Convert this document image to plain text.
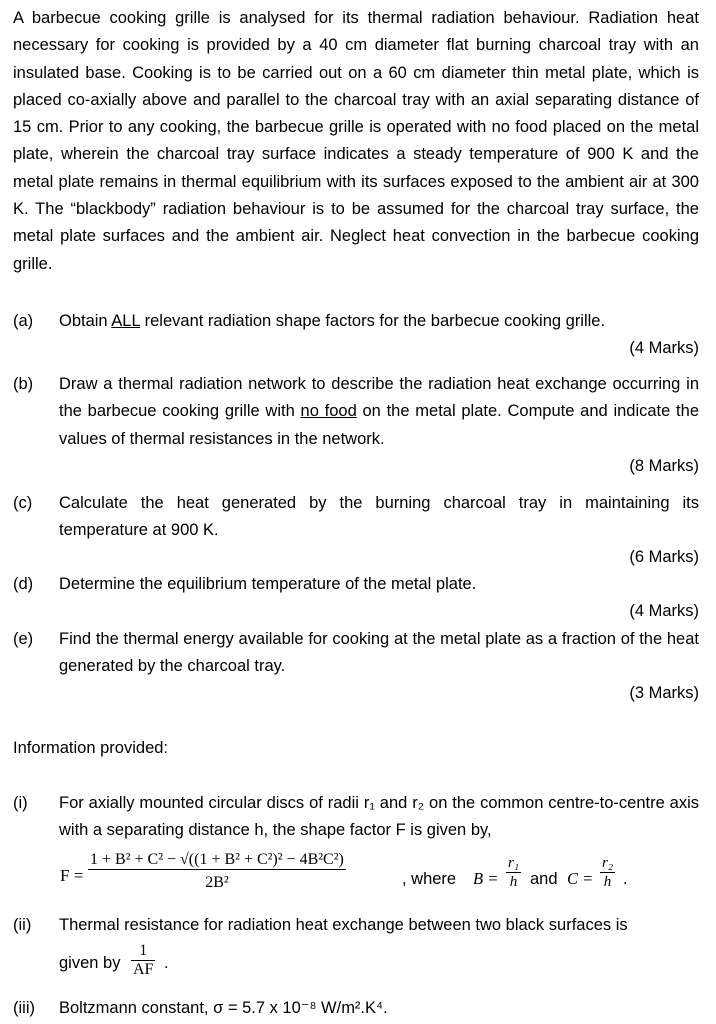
A barbecue cooking grille is analysed for its thermal radiation behaviour. Radiation heat necessary for cooking is provided by a 40 cm diameter flat burning charcoal tray with an insulated base. Cooking is to be carried out on a 60 cm diameter thin metal plate, which is placed co-axially above and parallel to the charcoal tray with an axial separating distance of 15 cm. Prior to any cooking, the barbecue grille is operated with no food placed on the metal plate, wherein the charcoal tray surface indicates a steady temperature of 900 K and the metal plate remains in thermal equilibrium with its surfaces exposed to the ambient air at 300 K. The “blackbody” radiation behaviour is to be assumed for the charcoal tray surface, the metal plate surfaces and the ambient air. Neglect heat convection in the barbecue cooking grille.
(a) Obtain ALL relevant radiation shape factors for the barbecue cooking grille.
(4 Marks)
(b) Draw a thermal radiation network to describe the radiation heat exchange occurring in the barbecue cooking grille with no food on the metal plate. Compute and indicate the values of thermal resistances in the network.
(8 Marks)
(c) Calculate the heat generated by the burning charcoal tray in maintaining its temperature at 900 K.
(6 Marks)
(d) Determine the equilibrium temperature of the metal plate.
(4 Marks)
(e) Find the thermal energy available for cooking at the metal plate as a fraction of the heat generated by the charcoal tray.
(3 Marks)
Information provided:
(i) For axially mounted circular discs of radii r₁ and r₂ on the common centre-to-centre axis with a separating distance h, the shape factor F is given by,
$F = \frac{\text{1 + B² + C² − √((1 + B² + C²)² − 4B²C²)}}{\text{2B²}}$	, where $B = \frac{\text{r₁}}{h}$ and $C = \frac{\text{r₂}}{h}$ .
(ii) Thermal resistance for radiation heat exchange between two black surfaces is
given by $\frac{1}{AF}$ .
(iii) Boltzmann constant, σ = 5.7 x 10⁻⁸ W/m².K⁴.
